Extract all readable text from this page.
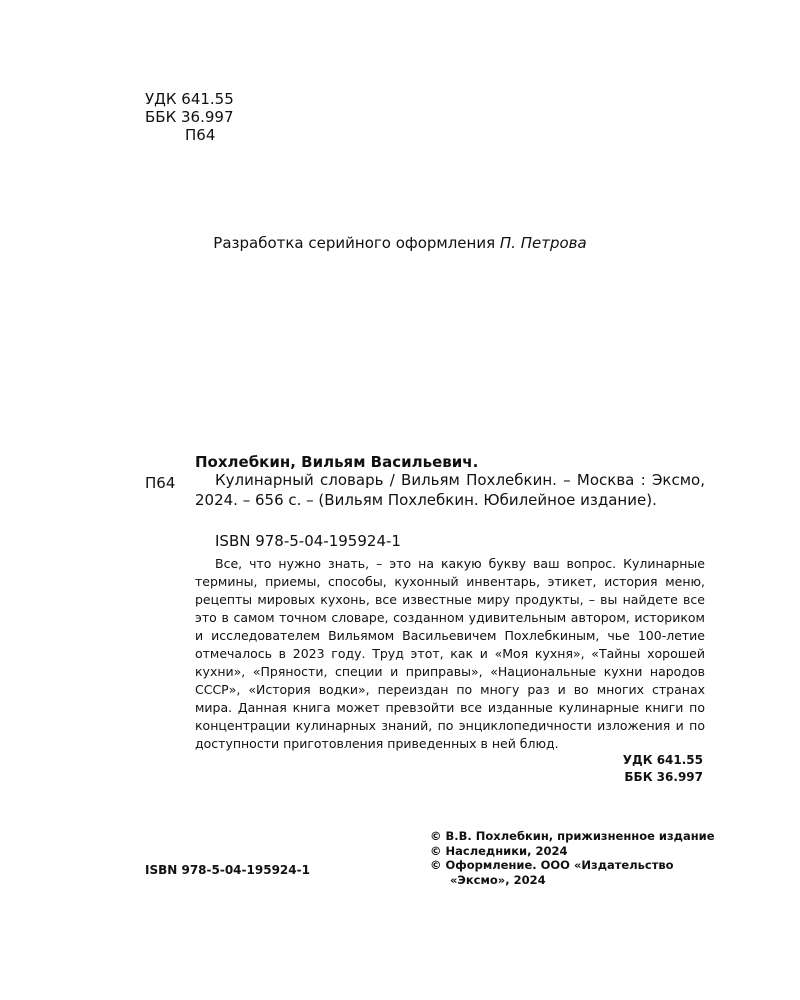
УДК 641.55
ББК 36.997
П64
Разработка серийного оформления П. Петрова
Похлебкин, Вильям Васильевич.
П64	Кулинарный словарь / Вильям Похлебкин. – Москва : Эксмо, 2024. – 656 с. – (Вильям Похлебкин. Юбилейное издание).
ISBN 978-5-04-195924-1
Все, что нужно знать, – это на какую букву ваш вопрос. Кулинарные термины, приемы, способы, кухонный инвентарь, этикет, история меню, рецепты мировых кухонь, все известные миру продукты, – вы найдете все это в самом точном словаре, созданном удивительным автором, историком и исследователем Вильямом Васильевичем Похлебкиным, чье 100-летие отмечалось в 2023 году. Труд этот, как и «Моя кухня», «Тайны хорошей кухни», «Пряности, специи и приправы», «Национальные кухни народов СССР», «История водки», переиздан по многу раз и во многих странах мира. Данная книга может превзойти все изданные кулинарные книги по концентрации кулинарных знаний, по энциклопедичности изложения и по доступности приготовления приведенных в ней блюд.
УДК 641.55
ББК 36.997
© В.В. Похлебкин, прижизненное издание
© Наследники, 2024
© Оформление. ООО «Издательство
«Эксмо», 2024
ISBN 978-5-04-195924-1
